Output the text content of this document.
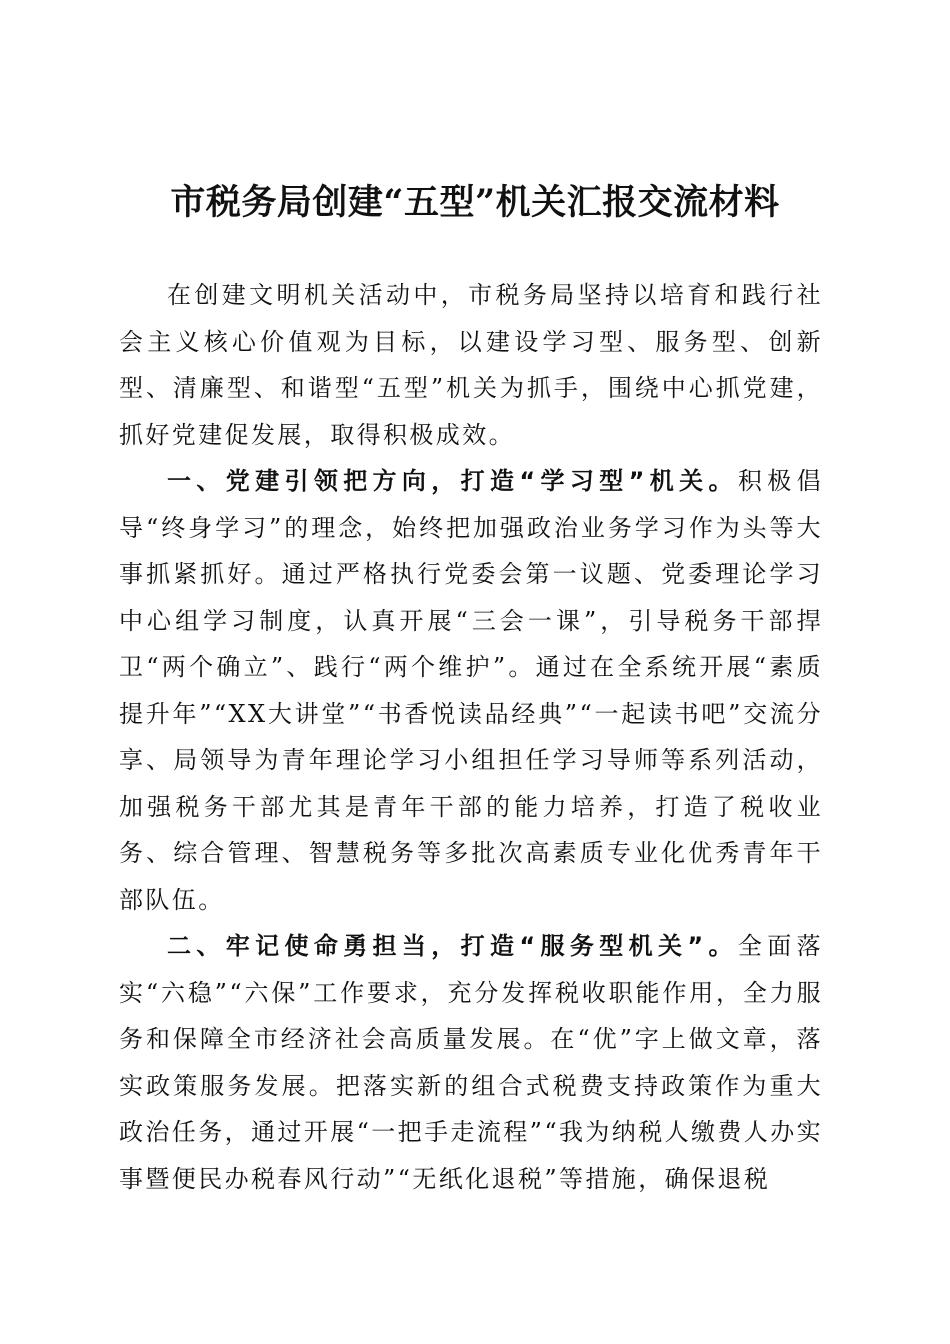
市税务局创建“五型”机关汇报交流材料

在创建文明机关活动中，市税务局坚持以培育和践行社会主义核心价值观为目标，以建设学习型、服务型、创新型、清廉型、和谐型“五型”机关为抓手，围绕中心抓党建，抓好党建促发展，取得积极成效。

一、党建引领把方向，打造“学习型”机关。积极倡导“终身学习”的理念，始终把加强政治业务学习作为头等大事抓紧抓好。通过严格执行党委会第一议题、党委理论学习中心组学习制度，认真开展“三会一课”，引导税务干部捍卫“两个确立”、践行“两个维护”。通过在全系统开展“素质提升年”“XX大讲堂”“书香悦读品经典”“一起读书吧”交流分享、局领导为青年理论学习小组担任学习导师等系列活动，加强税务干部尤其是青年干部的能力培养，打造了税收业务、综合管理、智慧税务等多批次高素质专业化优秀青年干部队伍。

二、牢记使命勇担当，打造“服务型机关”。全面落实“六稳”“六保”工作要求，充分发挥税收职能作用，全力服务和保障全市经济社会高质量发展。在“优”字上做文章，落实政策服务发展。把落实新的组合式税费支持政策作为重大政治任务，通过开展“一把手走流程”“我为纳税人缴费人办实事暨便民办税春风行动”“无纸化退税”等措施，确保退税
